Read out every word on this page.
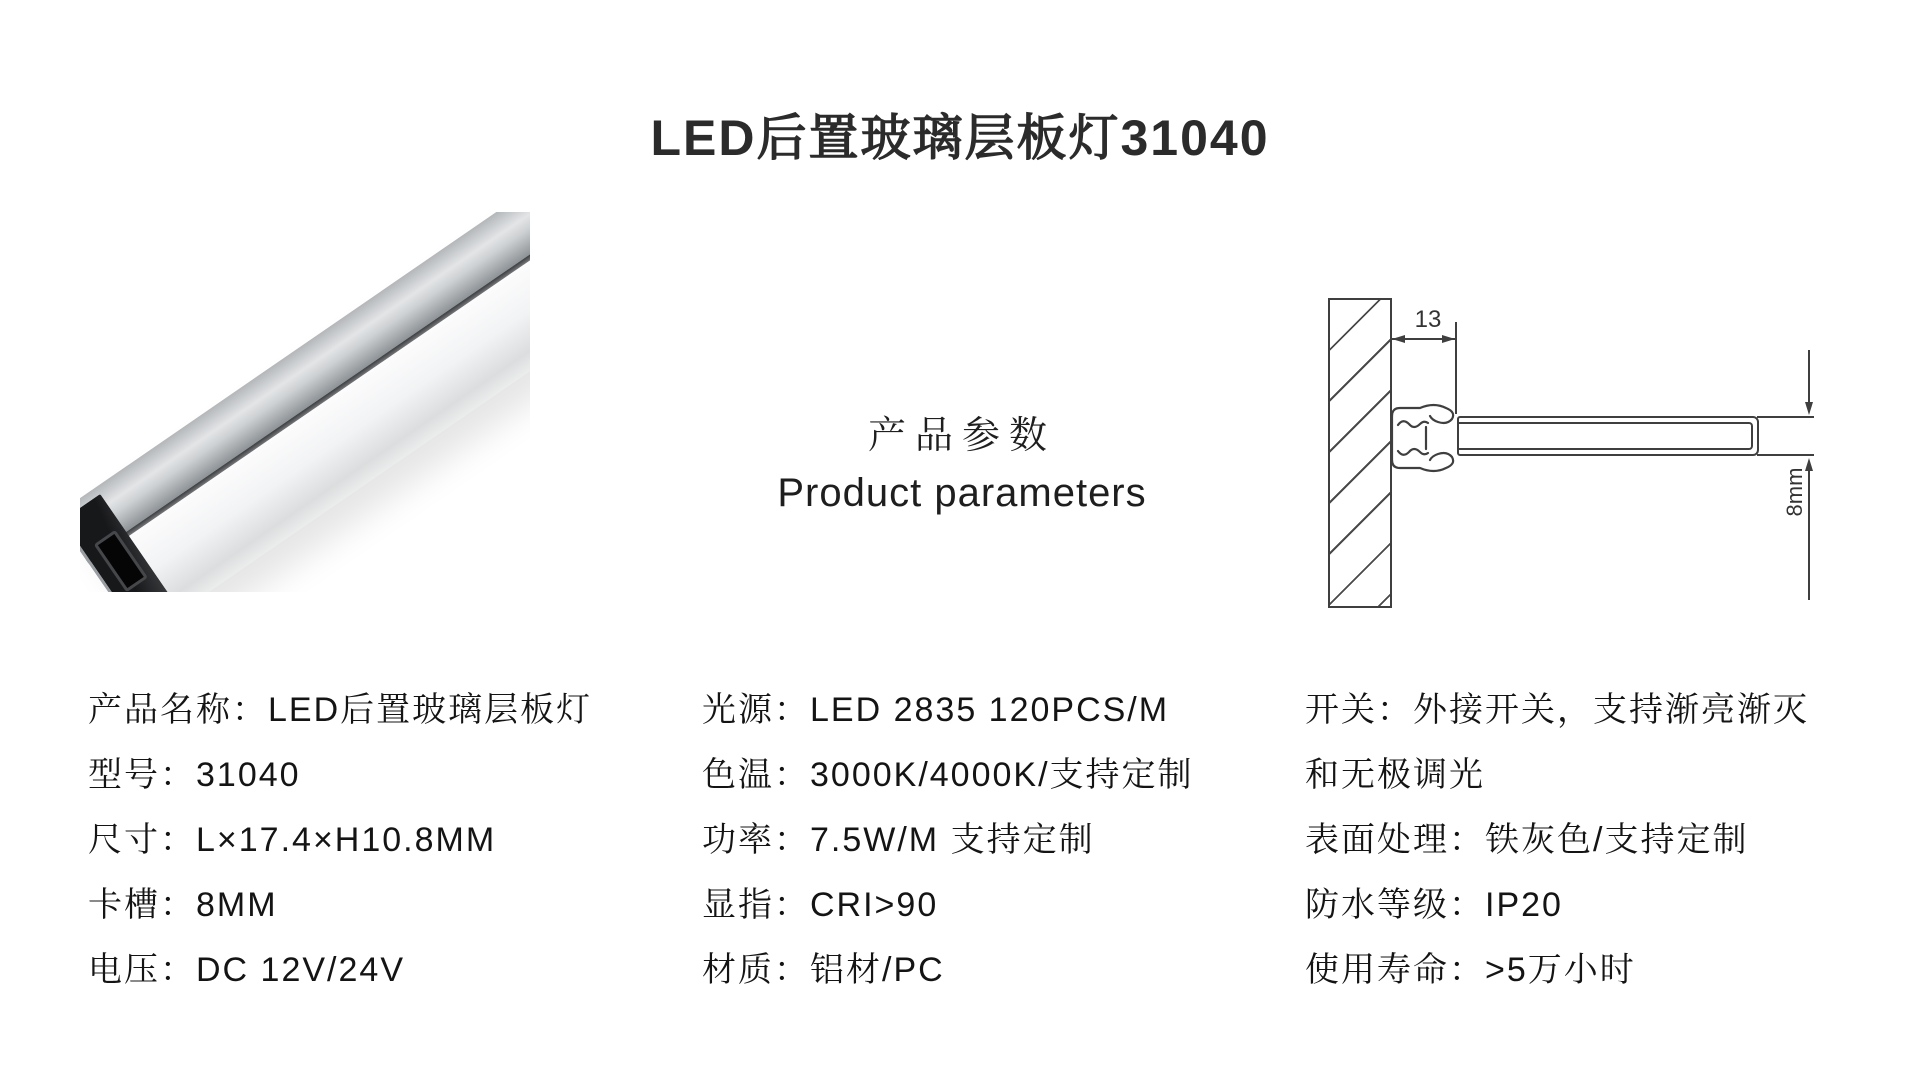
LED后置玻璃层板灯31040
产品参数
Product parameters
13
8mm
产品名称：LED后置玻璃层板灯
型号：31040
尺寸：L×17.4×H10.8MM
卡槽：8MM
电压：DC 12V/24V
光源：LED 2835 120PCS/M
色温：3000K/4000K/支持定制
功率：7.5W/M 支持定制
显指：CRI>90
材质：铝材/PC
开关：外接开关，支持渐亮渐灭
和无极调光
表面处理：铁灰色/支持定制
防水等级：IP20
使用寿命：>5万小时
